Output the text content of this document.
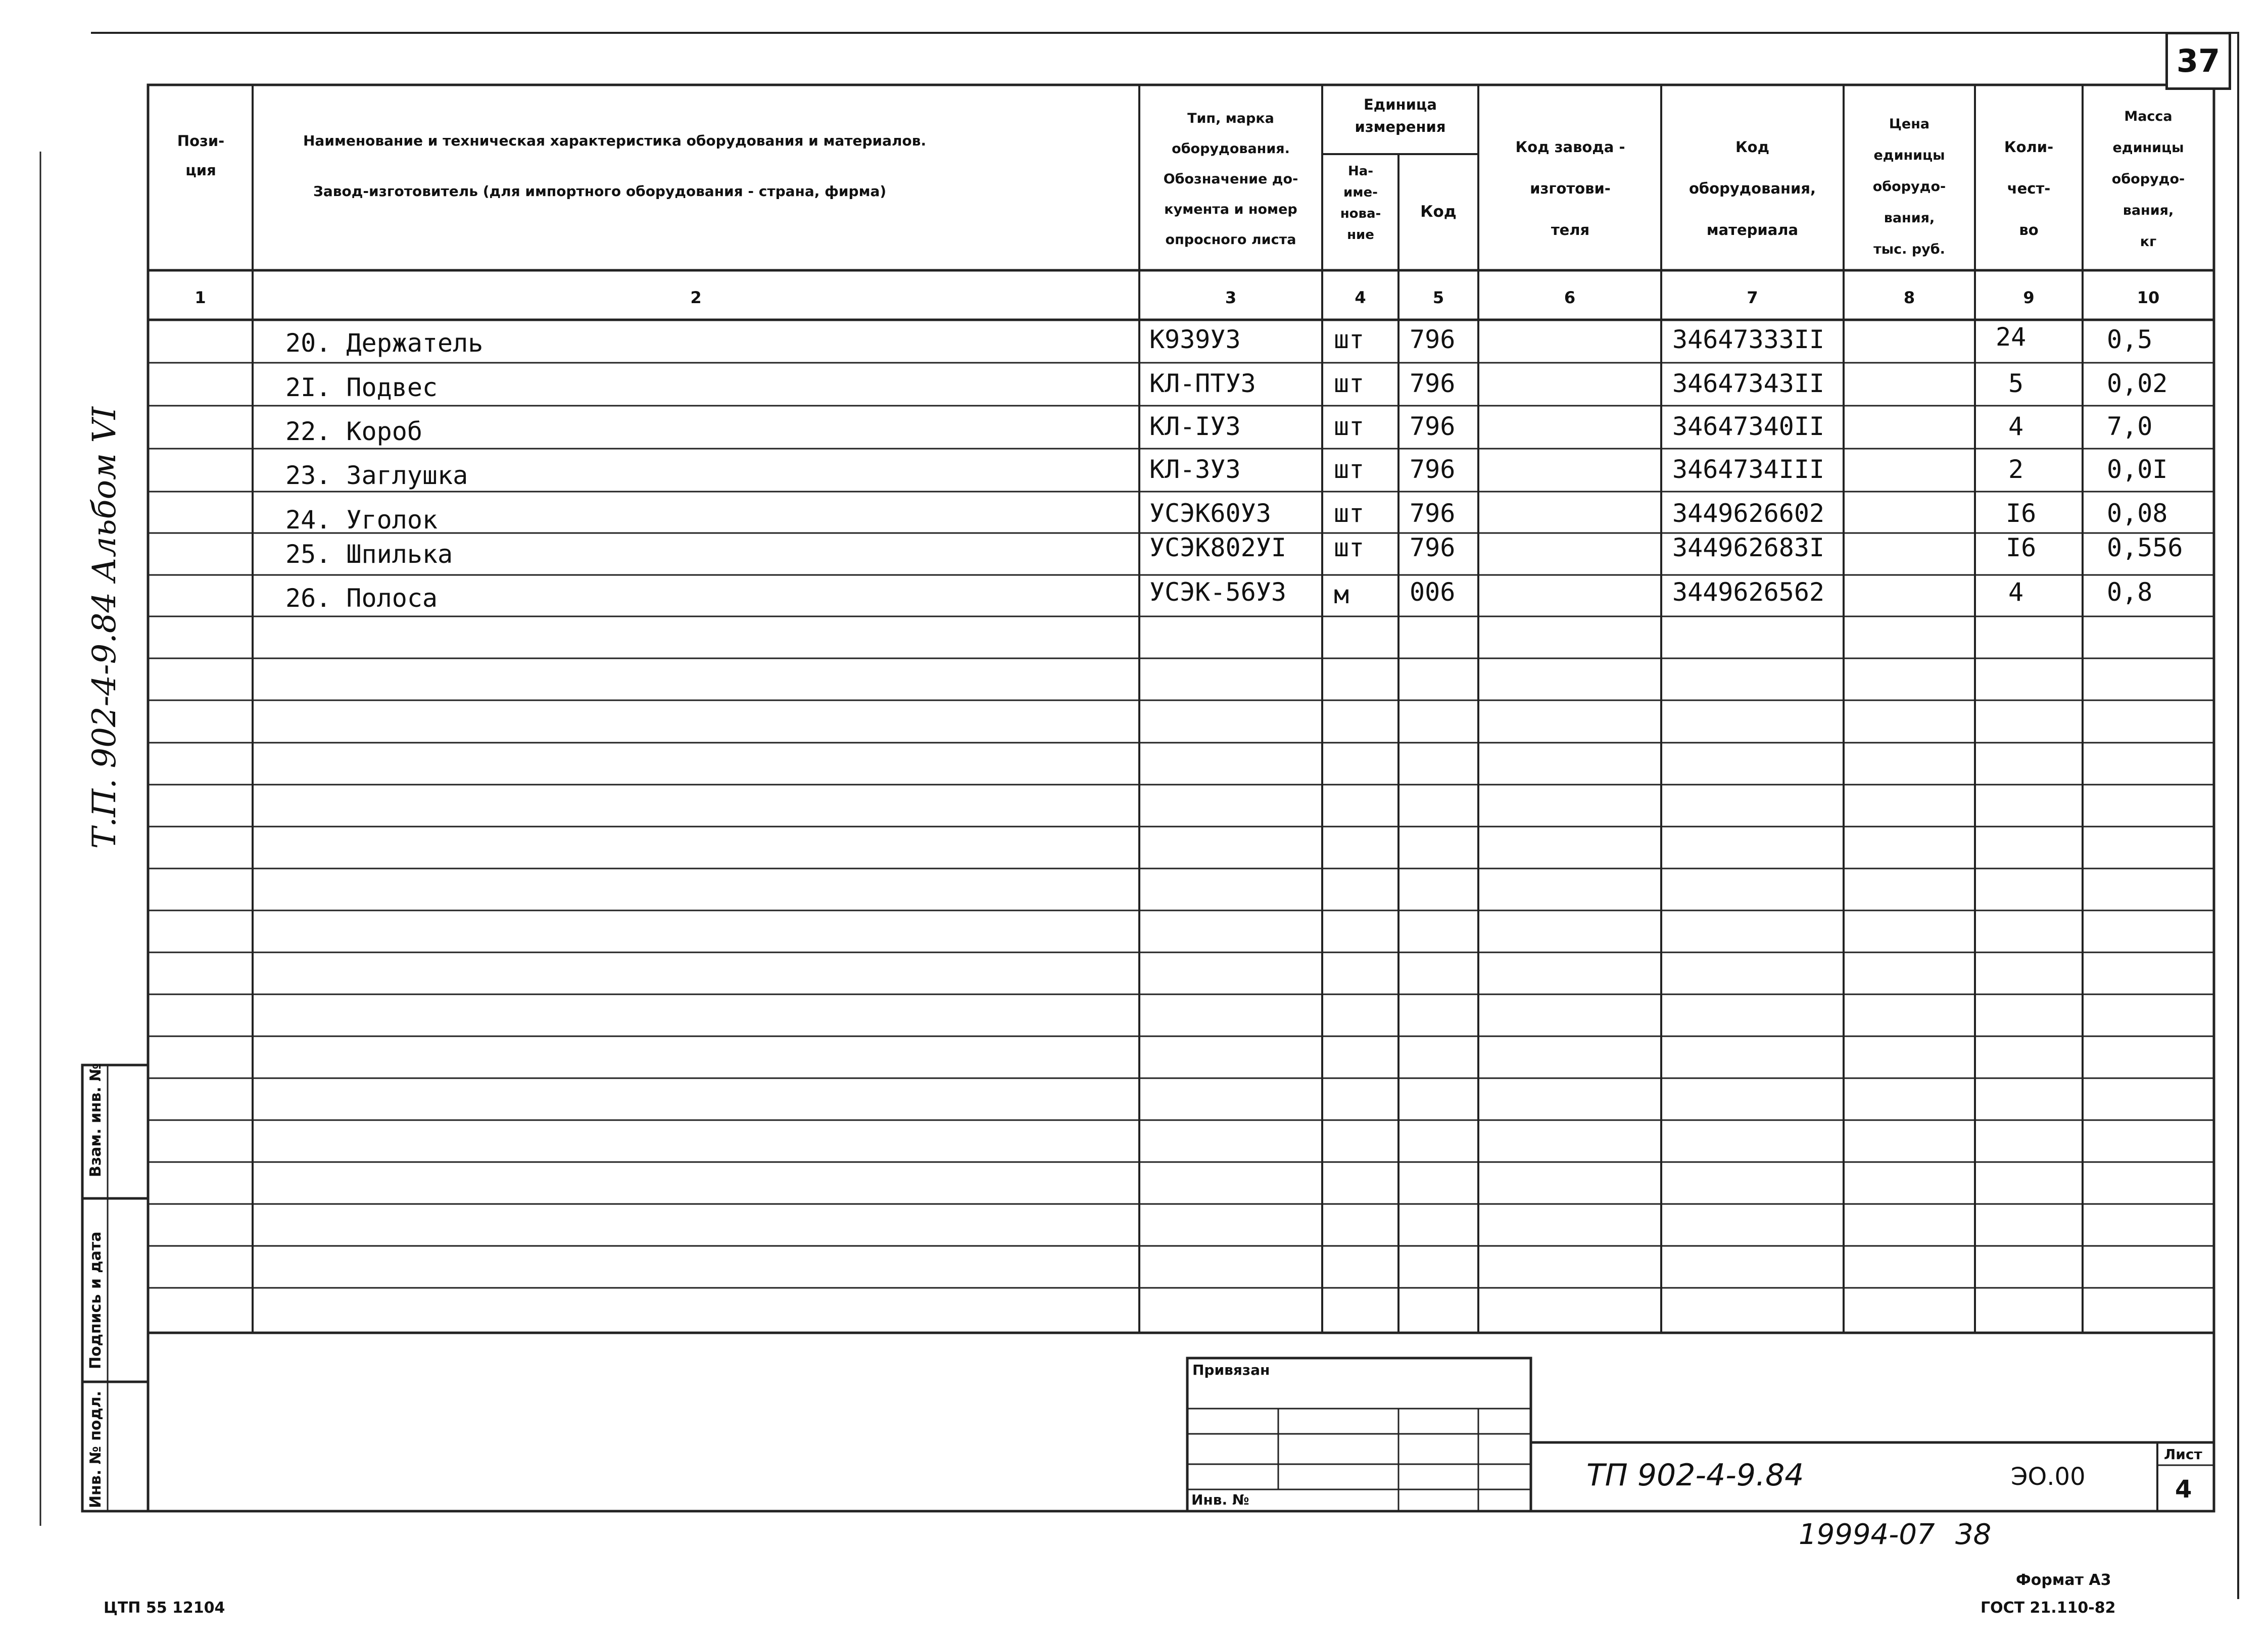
37
Т.П. 902-4-9.84 Альбом VI
Взам. инв. №
Подпись и дата
Инв. № подл.
Пози-
ция
Наименование и техническая характеристика оборудования и материалов.
Завод-изготовитель (для импортного оборудования - страна, фирма)
Тип, марка
оборудования.
Обозначение до-
кумента и номер
опросного листа
Единица
измерения
На-
име-
нова-
ние
Код
Код завода -
изготови-
теля
Код
оборудования,
материала
Цена
единицы
оборудо-
вания,
тыс. руб.
Коли-
чест-
во
Масса
единицы
оборудо-
вания,
кг
1	2	3	4	5	6	7	8	9	10
20. Держатель	К939УЗ	шт 796	34647333II	24	0,5
2I. Подвес	КЛ-ПТУЗ	шт 796	34647343II	5	0,02
22. Короб	КЛ-IУЗ	шт 796	34647340II	4	7,0
23. Заглушка	КЛ-ЗУЗ	шт 796	3464734III	2	0,0I
24. Уголок	УСЭК60УЗ шт 796	3449626602	I6	0,08
25. Шпилька	УСЭК802УI шт 796	344962683I	I6	0,556
26. Полоса	УСЭК-56УЗ м 006	3449626562	4	0,8
Привязан
Инв. №
ТП 902-4-9.84	ЭО.00
Лист
4
19994-07 38
Формат А3
ГОСТ 21.110-82
ЦТП 55 12104
